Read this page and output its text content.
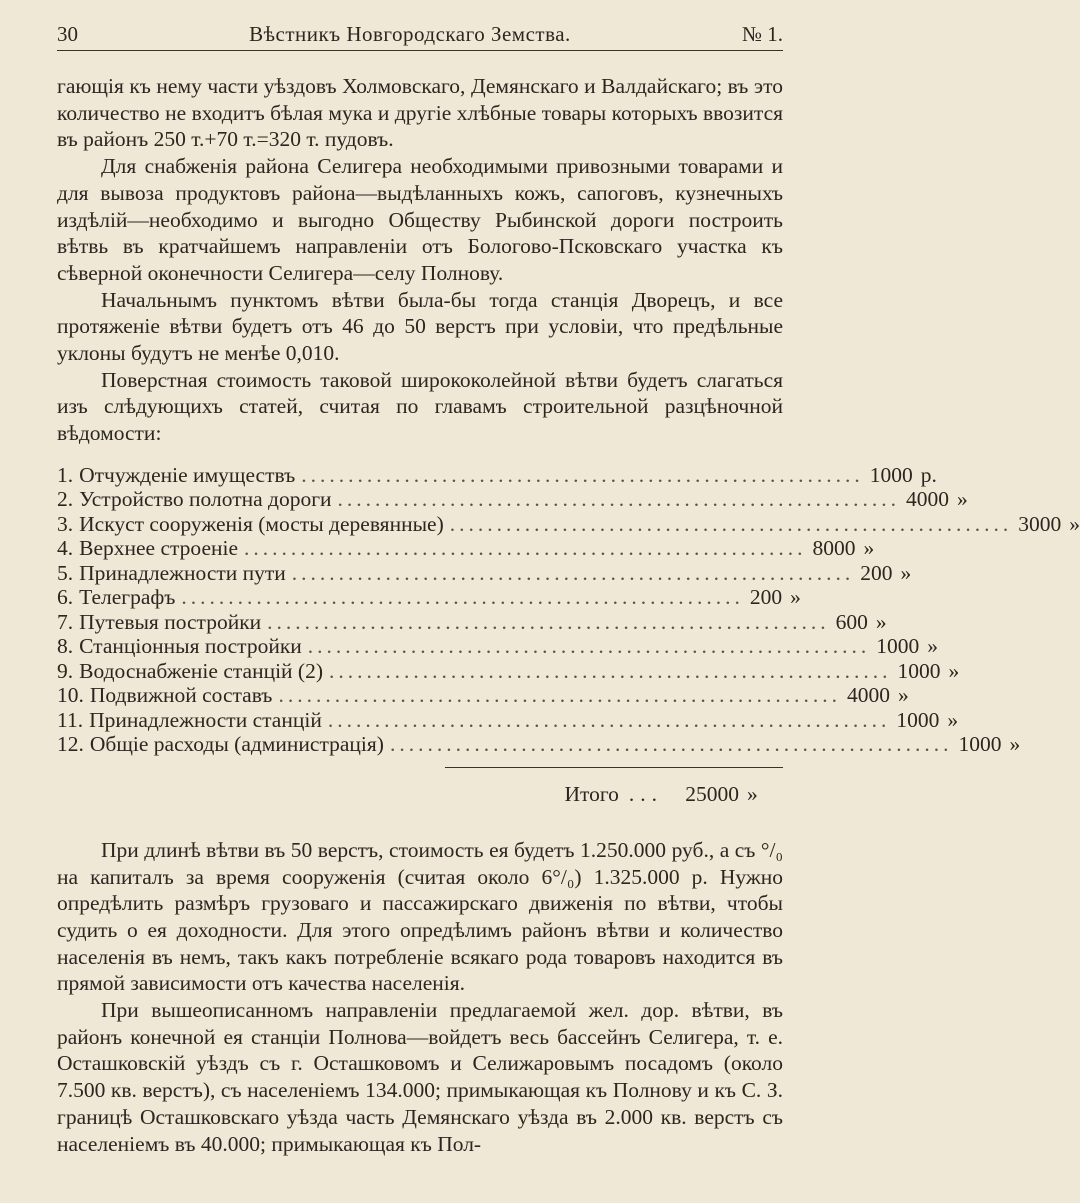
30	Вѣстникъ Новгородскаго Земства.	№ 1.

гающія къ нему части уѣздовъ Холмовскаго, Демянскаго и Валдайскаго; въ это количество не входитъ бѣлая мука и другіе хлѣбные товары которыхъ ввозится въ районъ 250 т.+70 т.=320 т. пудовъ.

Для снабженія района Селигера необходимыми привозными товарами и для вывоза продуктовъ района—выдѣланныхъ кожъ, сапоговъ, кузнечныхъ издѣлій—необходимо и выгодно Обществу Рыбинской дороги построить вѣтвь въ кратчайшемъ направленіи отъ Бологово-Псковскаго участка къ сѣверной оконечности Селигера—селу Полнову.

Начальнымъ пунктомъ вѣтви была-бы тогда станція Дворецъ, и все протяженіе вѣтви будетъ отъ 46 до 50 верстъ при условіи, что предѣльные уклоны будутъ не менѣе 0,010.

Поверстная стоимость таковой ширококолейной вѣтви будетъ слагаться изъ слѣдующихъ статей, считая по главамъ строительной разцѣночной вѣдомости:

1. Отчужденіе имуществъ ............................................................ 1000 р.
2. Устройство полотна дороги ............................................................ 4000 »
3. Искуст сооруженія (мосты деревянные) ............................................................ 3000 »
4. Верхнее строеніе ............................................................ 8000 »
5. Принадлежности пути ............................................................ 200 »
6. Телеграфъ ............................................................ 200 »
7. Путевыя постройки ............................................................ 600 »
8. Станціонныя постройки ............................................................ 1000 »
9. Водоснабженіе станцій (2) ............................................................ 1000 »
10. Подвижной составъ ............................................................ 4000 »
11. Принадлежности станцій ............................................................ 1000 »
12. Общіе расходы (администрація) ............................................................ 1000 »
Итого ...	25000 »

При длинѣ вѣтви въ 50 верстъ, стоимость ея будетъ 1.250.000 руб., а съ °/₀ на капиталъ за время сооруженія (считая около 6°/₀) 1.325.000 р. Нужно опредѣлить размѣръ грузоваго и пассажирскаго движенія по вѣтви, чтобы судить о ея доходности. Для этого опредѣлимъ районъ вѣтви и количество населенія въ немъ, такъ какъ потребленіе всякаго рода товаровъ находится въ прямой зависимости отъ качества населенія.

При вышеописанномъ направленіи предлагаемой жел. дор. вѣтви, въ районъ конечной ея станціи Полнова—войдетъ весь бассейнъ Селигера, т. е. Осташковскій уѣздъ съ г. Осташковомъ и Селижаровымъ посадомъ (около 7.500 кв. верстъ), съ населеніемъ 134.000; примыкающая къ Полнову и къ С. З. границѣ Осташковскаго уѣзда часть Демянскаго уѣзда въ 2.000 кв. верстъ съ населеніемъ въ 40.000; примыкающая къ Пол-
